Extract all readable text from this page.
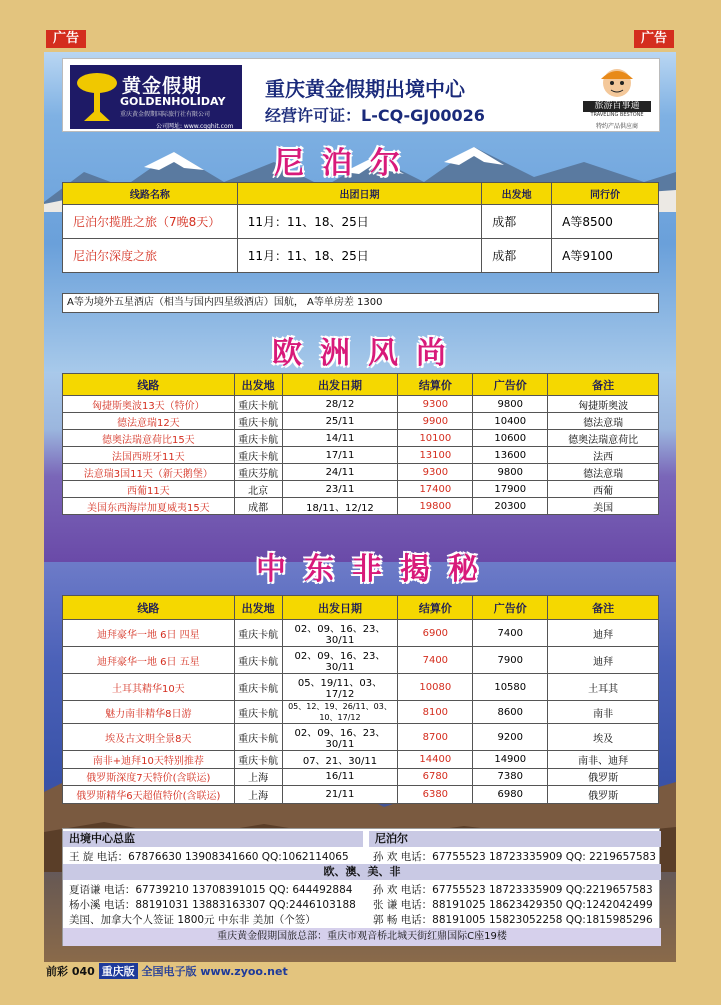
广告	广告
黄金假期
GOLDENHOLIDAY
重庆黄金假期国际旅行社有限公司
公司网址: www.cqghit.com
重庆黄金假期出境中心
经营许可证：L-CQ-GJ00026	旅游百事通
TRAVELING BESTONE
特约产品供应商
尼泊尔
线路名称	出团日期	出发地	同行价
尼泊尔揽胜之旅（7晚8天）	11月：11、18、25日	成都	A等8500
尼泊尔深度之旅	11月：11、18、25日	成都	A等9100
A等为境外五星酒店（相当与国内四星级酒店）国航， A等单房差 1300
欧洲风尚
线路	出发地	出发日期	结算价	广告价	备注
匈捷斯奥波13天（特价）	重庆卡航	28/12	9300	9800	匈捷斯奥波
德法意瑞12天	重庆卡航	25/11	9900	10400	德法意瑞
德奥法瑞意荷比15天	重庆卡航	14/11	10100	10600	德奥法瑞意荷比
法国西班牙11天	重庆卡航	17/11	13100	13600	法西
法意瑞3国11天（新天鹅堡）	重庆芬航	24/11	9300	9800	德法意瑞
西葡11天	北京	23/11	17400	17900	西葡
美国东西海岸加夏威夷15天	成都	18/11、12/12	19800	20300	美国
中东非揭秘
线路	出发地	出发日期	结算价	广告价	备注
迪拜豪华一地 6日 四星	重庆卡航	02、09、16、23、30/11	6900	7400	迪拜
迪拜豪华一地 6日 五星	重庆卡航	02、09、16、23、30/11	7400	7900	迪拜
土耳其精华10天	重庆卡航	05、19/11、03、17/12	10080	10580	土耳其
魅力南非精华8日游	重庆卡航	05、12、19、26/11、03、10、17/12	8100	8600	南非
埃及古文明全景8天	重庆卡航	02、09、16、23、30/11	8700	9200	埃及
南非+迪拜10天特别推荐	重庆卡航	07、21、30/11	14400	14900	南非、迪拜
俄罗斯深度7天特价(含联运)	上海	16/11	6780	7380	俄罗斯
俄罗斯精华6天超值特价(含联运)	上海	21/11	6380	6980	俄罗斯
出境中心总监	尼泊尔
王 旋 电话：67876630 13908341660 QQ:1062114065 孙 欢 电话：67755523 18723335909 QQ: 2219657583
欧、澳、美、非
夏语谦 电话：67739210 13708391015 QQ: 644492884
杨小溪 电话：88191031 13883163307 QQ:2446103188
美国、加拿大个人签证 1800元 中东非 美加（个签）
孙 欢 电话：67755523 18723335909 QQ:2219657583
张 谦 电话：88191025 18623429350 QQ:1242042499
郭 畅 电话：88191005 15823052258 QQ:1815985296
重庆黄金假期国旅总部：重庆市观音桥北城天街红鼎国际C座19楼
前彩 040 重庆版 全国电子版 www.zyoo.net
